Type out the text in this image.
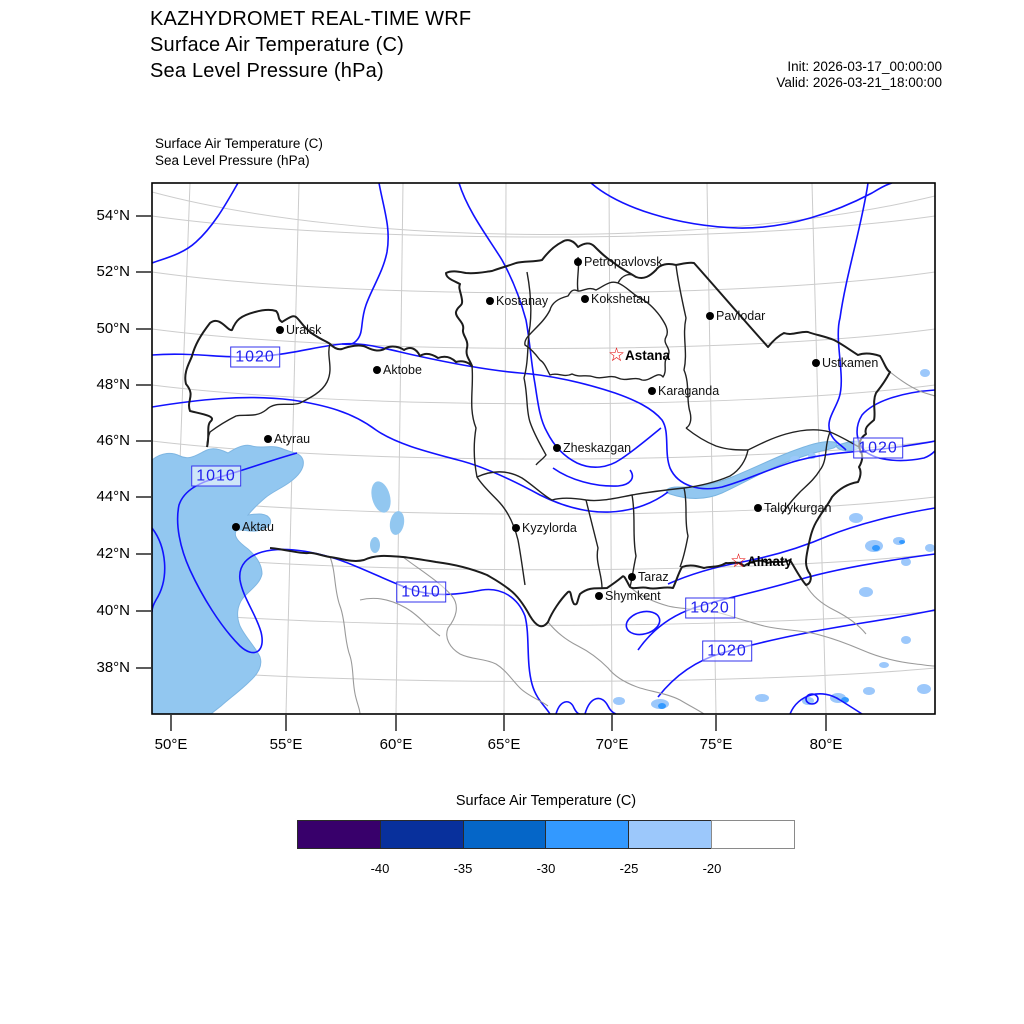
KAZHYDROMET REAL-TIME WRF
Surface Air Temperature (C)
Sea Level Pressure (hPa)	Init: 2026-03-17_00:00:00
Valid: 2026-03-21_18:00:00
Surface Air Temperature (C)
Sea Level Pressure (hPa)
54°N
52°N
50°N
48°N
46°N
44°N
42°N
40°N
38°N
50°E	55°E	60°E	65°E	70°E	75°E	80°E
Petropavlovsk
Kostanay	Kokshetau
Pavlodar
Uralsk
Aktobe
Karaganda
Atyrau
Zheskazgan
Aktau	Kyzylorda
Taldykurgan
Taraz
Shymkent
Ustkamen
☆ Astana
☆ Almaty
1020
1010
1010
1020
1020
1020
Surface Air Temperature (C)
-40	-35	-30	-25	-20
